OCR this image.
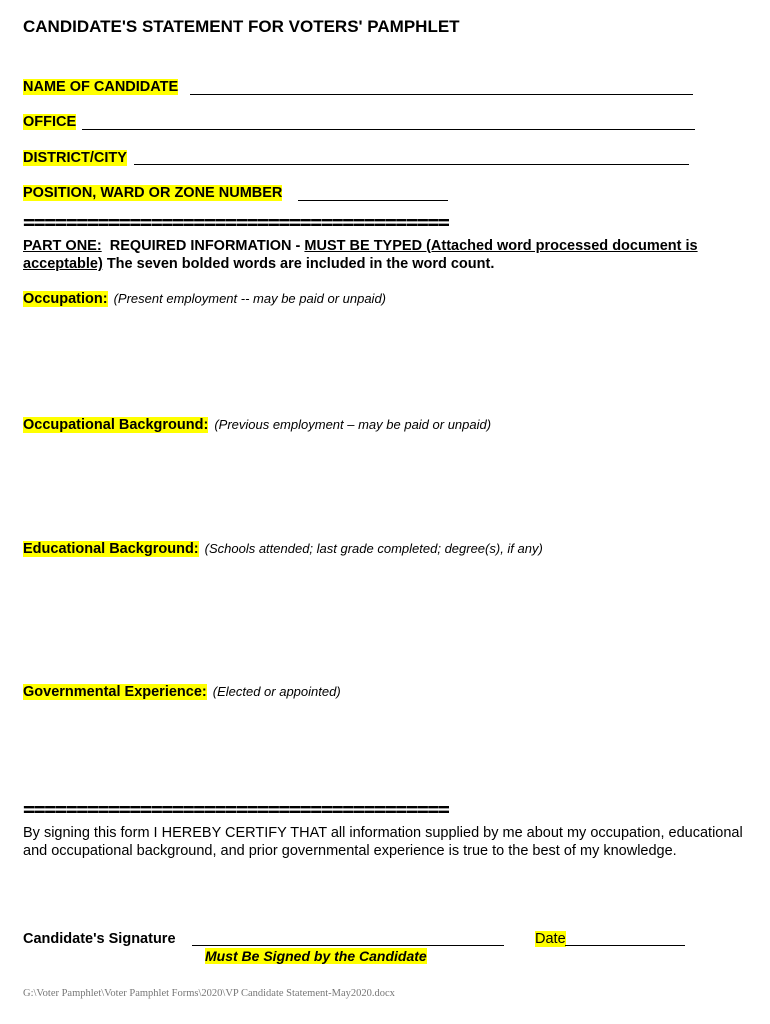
CANDIDATE'S STATEMENT FOR VOTERS' PAMPHLET
NAME OF CANDIDATE
OFFICE
DISTRICT/CITY
POSITION, WARD OR ZONE NUMBER
========================================
PART ONE: REQUIRED INFORMATION - MUST BE TYPED (Attached word processed document is acceptable) The seven bolded words are included in the word count.
Occupation: (Present employment -- may be paid or unpaid)
Occupational Background: (Previous employment – may be paid or unpaid)
Educational Background: (Schools attended; last grade completed; degree(s), if any)
Governmental Experience: (Elected or appointed)
========================================
By signing this form I HEREBY CERTIFY THAT all information supplied by me about my occupation, educational and occupational background, and prior governmental experience is true to the best of my knowledge.
Candidate's Signature	Date
Must Be Signed by the Candidate
G:\Voter Pamphlet\Voter Pamphlet Forms\2020\VP Candidate Statement-May2020.docx
